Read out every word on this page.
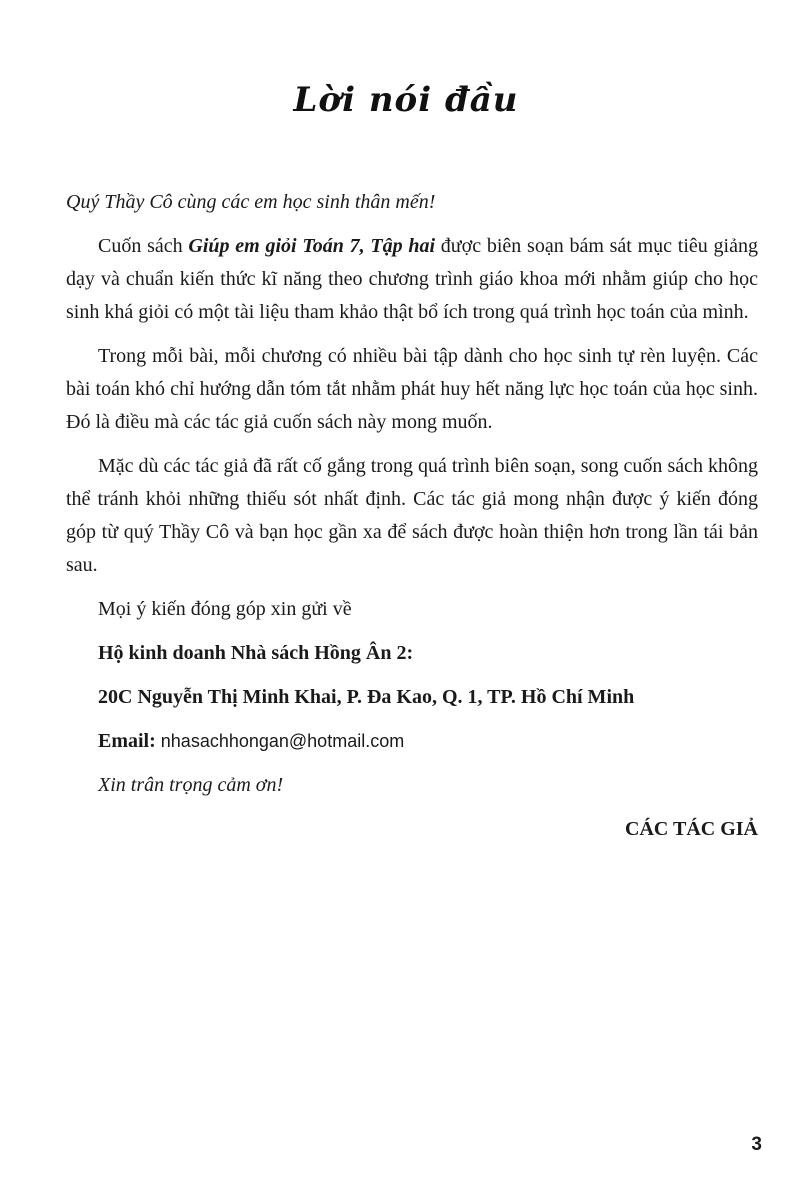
Lời nói đầu

Quý Thầy Cô cùng các em học sinh thân mến!

Cuốn sách Giúp em giỏi Toán 7, Tập hai được biên soạn bám sát mục tiêu giảng dạy và chuẩn kiến thức kĩ năng theo chương trình giáo khoa mới nhằm giúp cho học sinh khá giỏi có một tài liệu tham khảo thật bổ ích trong quá trình học toán của mình.

Trong mỗi bài, mỗi chương có nhiều bài tập dành cho học sinh tự rèn luyện. Các bài toán khó chỉ hướng dẫn tóm tắt nhằm phát huy hết năng lực học toán của học sinh. Đó là điều mà các tác giả cuốn sách này mong muốn.

Mặc dù các tác giả đã rất cố gắng trong quá trình biên soạn, song cuốn sách không thể tránh khỏi những thiếu sót nhất định. Các tác giả mong nhận được ý kiến đóng góp từ quý Thầy Cô và bạn học gần xa để sách được hoàn thiện hơn trong lần tái bản sau.

Mọi ý kiến đóng góp xin gửi về

Hộ kinh doanh Nhà sách Hồng Ân 2:

20C Nguyễn Thị Minh Khai, P. Đa Kao, Q. 1, TP. Hồ Chí Minh

Email: nhasachhongan@hotmail.com

Xin trân trọng cảm ơn!

CÁC TÁC GIẢ

3
